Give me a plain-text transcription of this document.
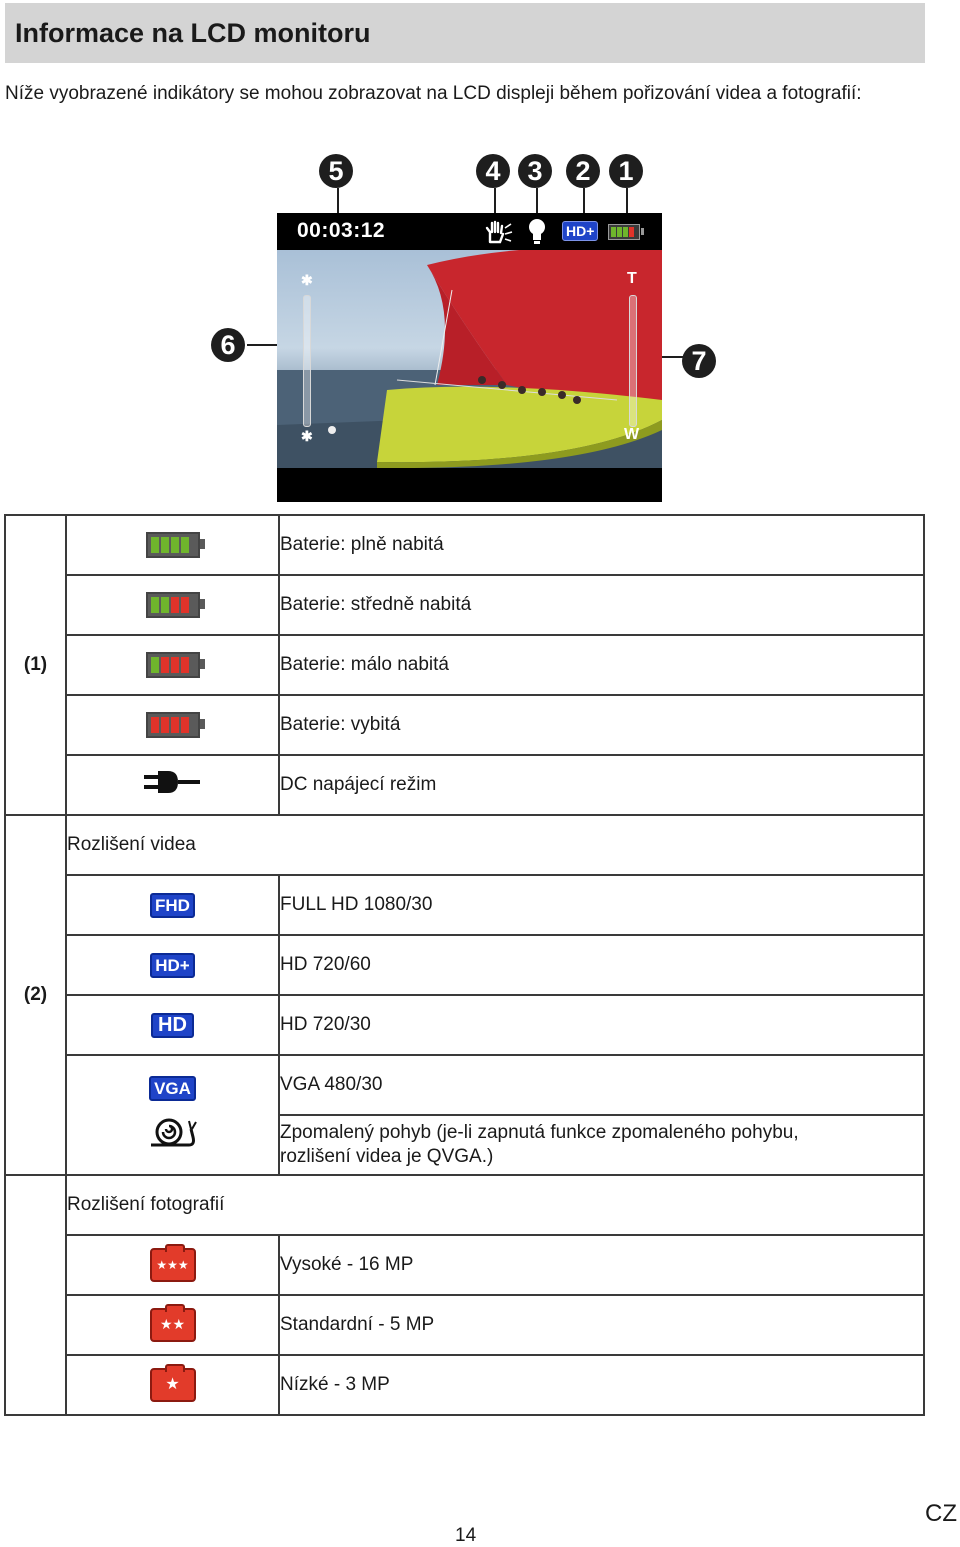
Informace na LCD monitoru
Níže vyobrazené indikátory se mohou zobrazovat na LCD displeji během pořizování videa a fotografií:
5	4 3	2	1
6
7
00:03:12	HD+
✱
✱
T
W
(1)		Baterie: plně nabitá

		Baterie: středně nabitá

		Baterie: málo nabitá

		Baterie: vybitá
	DC napájecí režim
(2)	Rozlišení videa	
	FHD	FULL HD 1080/30
	HD+	HD 720/60
	HD	HD 720/30

	VGA	VGA 480/30

		Zpomalený pohyb (je-li zapnutá funkce zpomaleného pohybu,
rozlišení videa je QVGA.)

	Rozlišení fotografií	
	★★★	Vysoké - 16 MP
	★★	Standardní - 5 MP
	★	Nízké - 3 MP
14
CZ
